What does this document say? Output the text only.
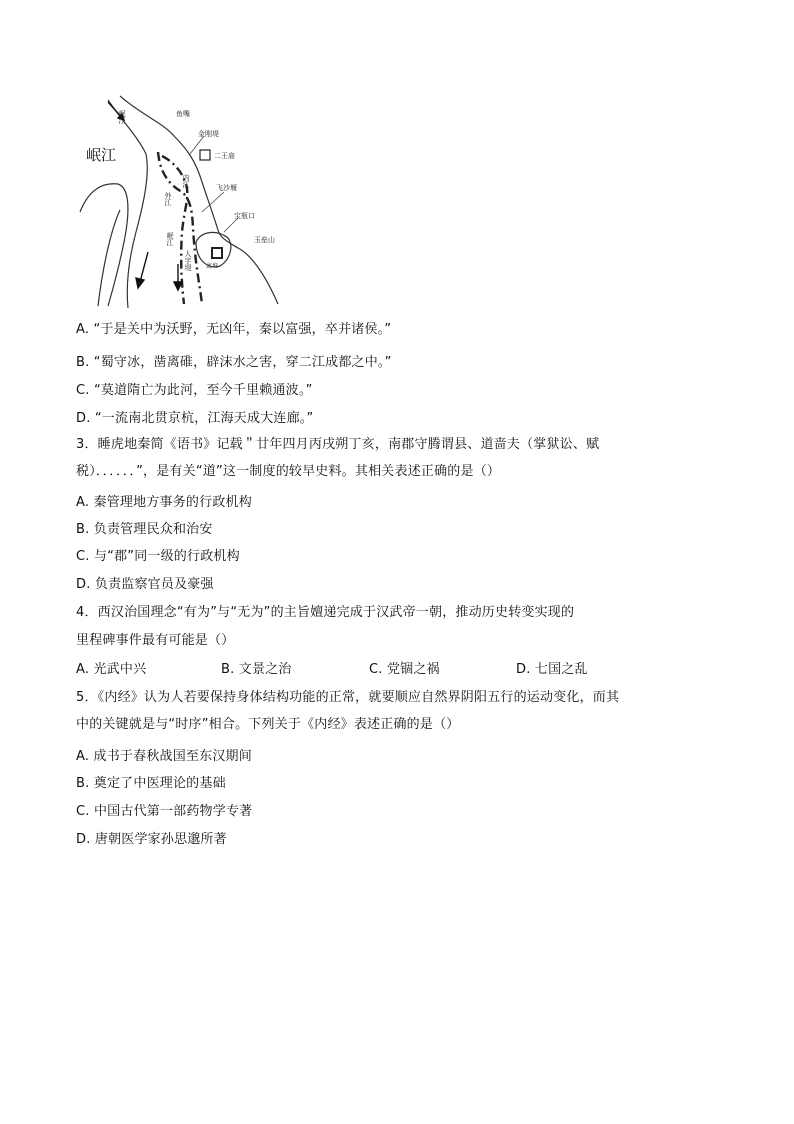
岷江
鱼嘴
金刚堤
二王庙
飞沙堰
宝瓶口
玉垒山
离堆
内江
外江
岷江
岷江
人字堤
A. “于是关中为沃野，无凶年，秦以富强，卒并诸侯。”
B. “蜀守冰，凿离碓，辟沫水之害，穿二江成都之中。”
C. “莫道隋亡为此河，至今千里赖通波。”
D. “一流南北贯京杭，江海天成大连廊。”
3．睡虎地秦简《语书》记载＂廿年四月丙戌朔丁亥，南郡守腾谓县、道啬夫（掌狱讼、赋
税）．．．．．．”，是有关“道”这一制度的较早史料。其相关表述正确的是（）
A. 秦管理地方事务的行政机构
B. 负责管理民众和治安
C. 与“郡”同一级的行政机构
D. 负责监察官员及豪强
4．西汉治国理念“有为”与“无为”的主旨嬗递完成于汉武帝一朝，推动历史转变实现的
里程碑事件最有可能是（）
A. 光武中兴	B. 文景之治	C. 党锢之祸	D. 七国之乱
5．《内经》认为人若要保持身体结构功能的正常，就要顺应自然界阴阳五行的运动变化，而其
中的关键就是与“时序”相合。下列关于《内经》表述正确的是（）
A. 成书于春秋战国至东汉期间
B. 奠定了中医理论的基础
C. 中国古代第一部药物学专著
D. 唐朝医学家孙思邈所著
